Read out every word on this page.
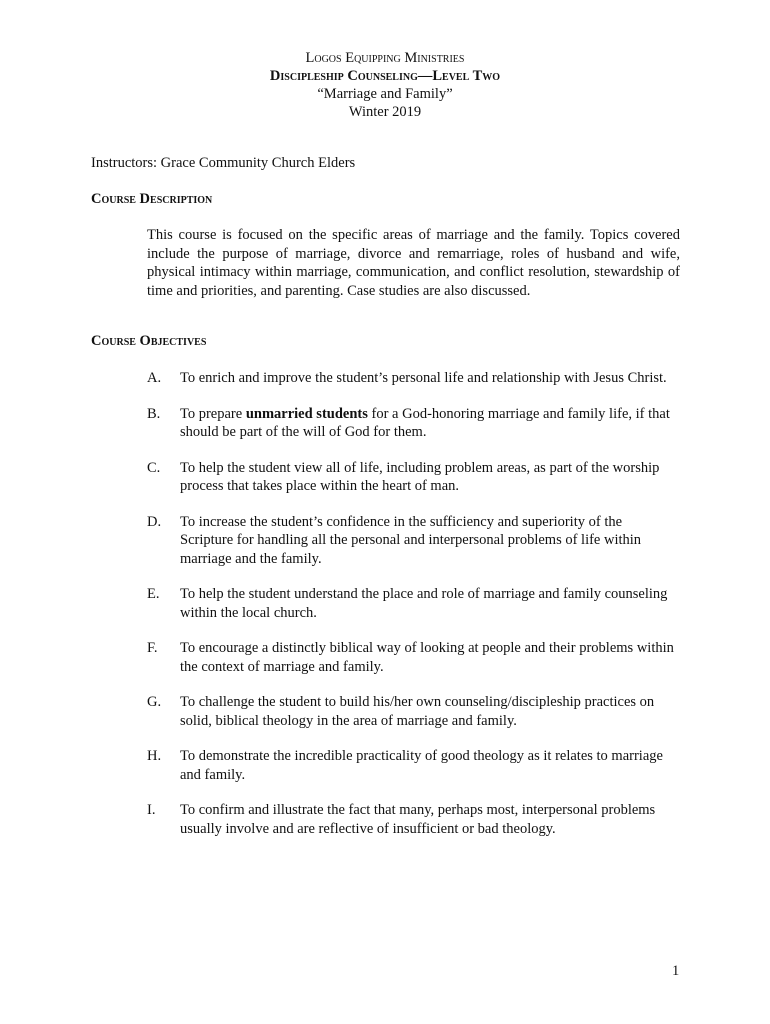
Logos Equipping Ministries
Discipleship Counseling—Level Two
“Marriage and Family”
Winter 2019
Instructors: Grace Community Church Elders
Course Description
This course is focused on the specific areas of marriage and the family. Topics covered include the purpose of marriage, divorce and remarriage, roles of husband and wife, physical intimacy within marriage, communication, and conflict resolution, stewardship of time and priorities, and parenting. Case studies are also discussed.
Course Objectives
A.	To enrich and improve the student’s personal life and relationship with Jesus Christ.
B.	To prepare unmarried students for a God-honoring marriage and family life, if that should be part of the will of God for them.
C.	To help the student view all of life, including problem areas, as part of the worship process that takes place within the heart of man.
D.	To increase the student’s confidence in the sufficiency and superiority of the Scripture for handling all the personal and interpersonal problems of life within marriage and the family.
E.	To help the student understand the place and role of marriage and family counseling within the local church.
F.	To encourage a distinctly biblical way of looking at people and their problems within the context of marriage and family.
G.	To challenge the student to build his/her own counseling/discipleship practices on solid, biblical theology in the area of marriage and family.
H.	To demonstrate the incredible practicality of good theology as it relates to marriage and family.
I.	To confirm and illustrate the fact that many, perhaps most, interpersonal problems usually involve and are reflective of insufficient or bad theology.
1
